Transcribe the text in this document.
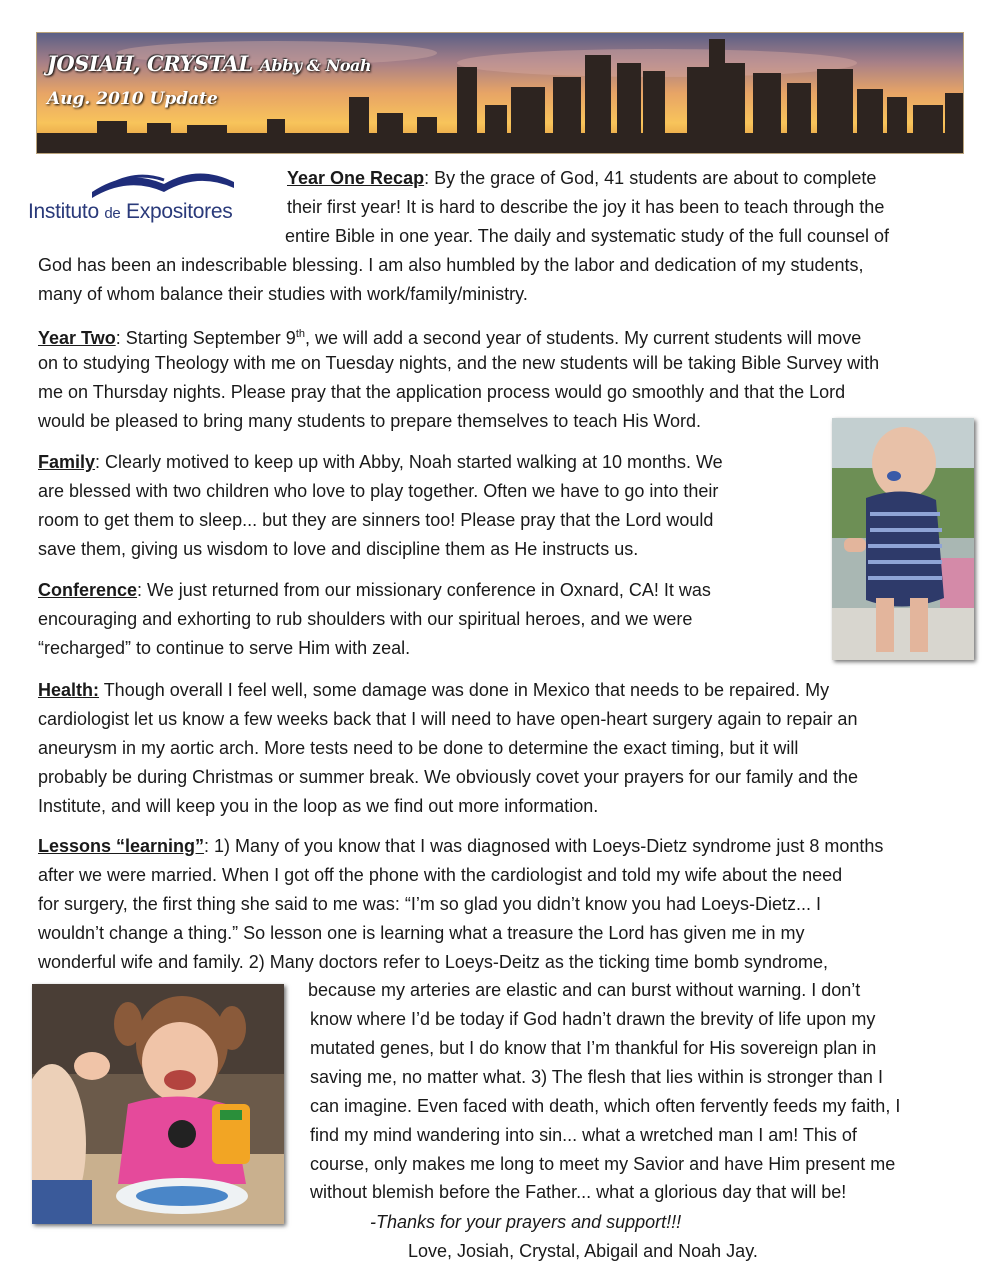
JOSIAH, CRYSTAL Abby & Noah
Aug. 2010 Update
Instituto de Expositores
Year One Recap: By the grace of God, 41 students are about to complete
their first year! It is hard to describe the joy it has been to teach through the
entire Bible in one year. The daily and systematic study of the full counsel of
God has been an indescribable blessing. I am also humbled by the labor and dedication of my students,
many of whom balance their studies with work/family/ministry.
Year Two: Starting September 9th, we will add a second year of students. My current students will move
on to studying Theology with me on Tuesday nights, and the new students will be taking Bible Survey with
me on Thursday nights. Please pray that the application process would go smoothly and that the Lord
would be pleased to bring many students to prepare themselves to teach His Word.
Family: Clearly motived to keep up with Abby, Noah started walking at 10 months. We
are blessed with two children who love to play together. Often we have to go into their
room to get them to sleep... but they are sinners too! Please pray that the Lord would
save them, giving us wisdom to love and discipline them as He instructs us.
Conference: We just returned from our missionary conference in Oxnard, CA! It was
encouraging and exhorting to rub shoulders with our spiritual heroes, and we were
“recharged” to continue to serve Him with zeal.
Health: Though overall I feel well, some damage was done in Mexico that needs to be repaired. My
cardiologist let us know a few weeks back that I will need to have open-heart surgery again to repair an
aneurysm in my aortic arch. More tests need to be done to determine the exact timing, but it will
probably be during Christmas or summer break. We obviously covet your prayers for our family and the
Institute, and will keep you in the loop as we find out more information.
Lessons “learning”: 1) Many of you know that I was diagnosed with Loeys-Dietz syndrome just 8 months
after we were married. When I got off the phone with the cardiologist and told my wife about the need
for surgery, the first thing she said to me was: “I’m so glad you didn’t know you had Loeys-Dietz... I
wouldn’t change a thing.” So lesson one is learning what a treasure the Lord has given me in my
wonderful wife and family. 2) Many doctors refer to Loeys-Deitz as the ticking time bomb syndrome,
because my arteries are elastic and can burst without warning. I don’t
know where I’d be today if God hadn’t drawn the brevity of life upon my
mutated genes, but I do know that I’m thankful for His sovereign plan in
saving me, no matter what. 3) The flesh that lies within is stronger than I
can imagine. Even faced with death, which often fervently feeds my faith, I
find my mind wandering into sin... what a wretched man I am! This of
course, only makes me long to meet my Savior and have Him present me
without blemish before the Father... what a glorious day that will be!
-Thanks for your prayers and support!!!
Love, Josiah, Crystal, Abigail and Noah Jay.
